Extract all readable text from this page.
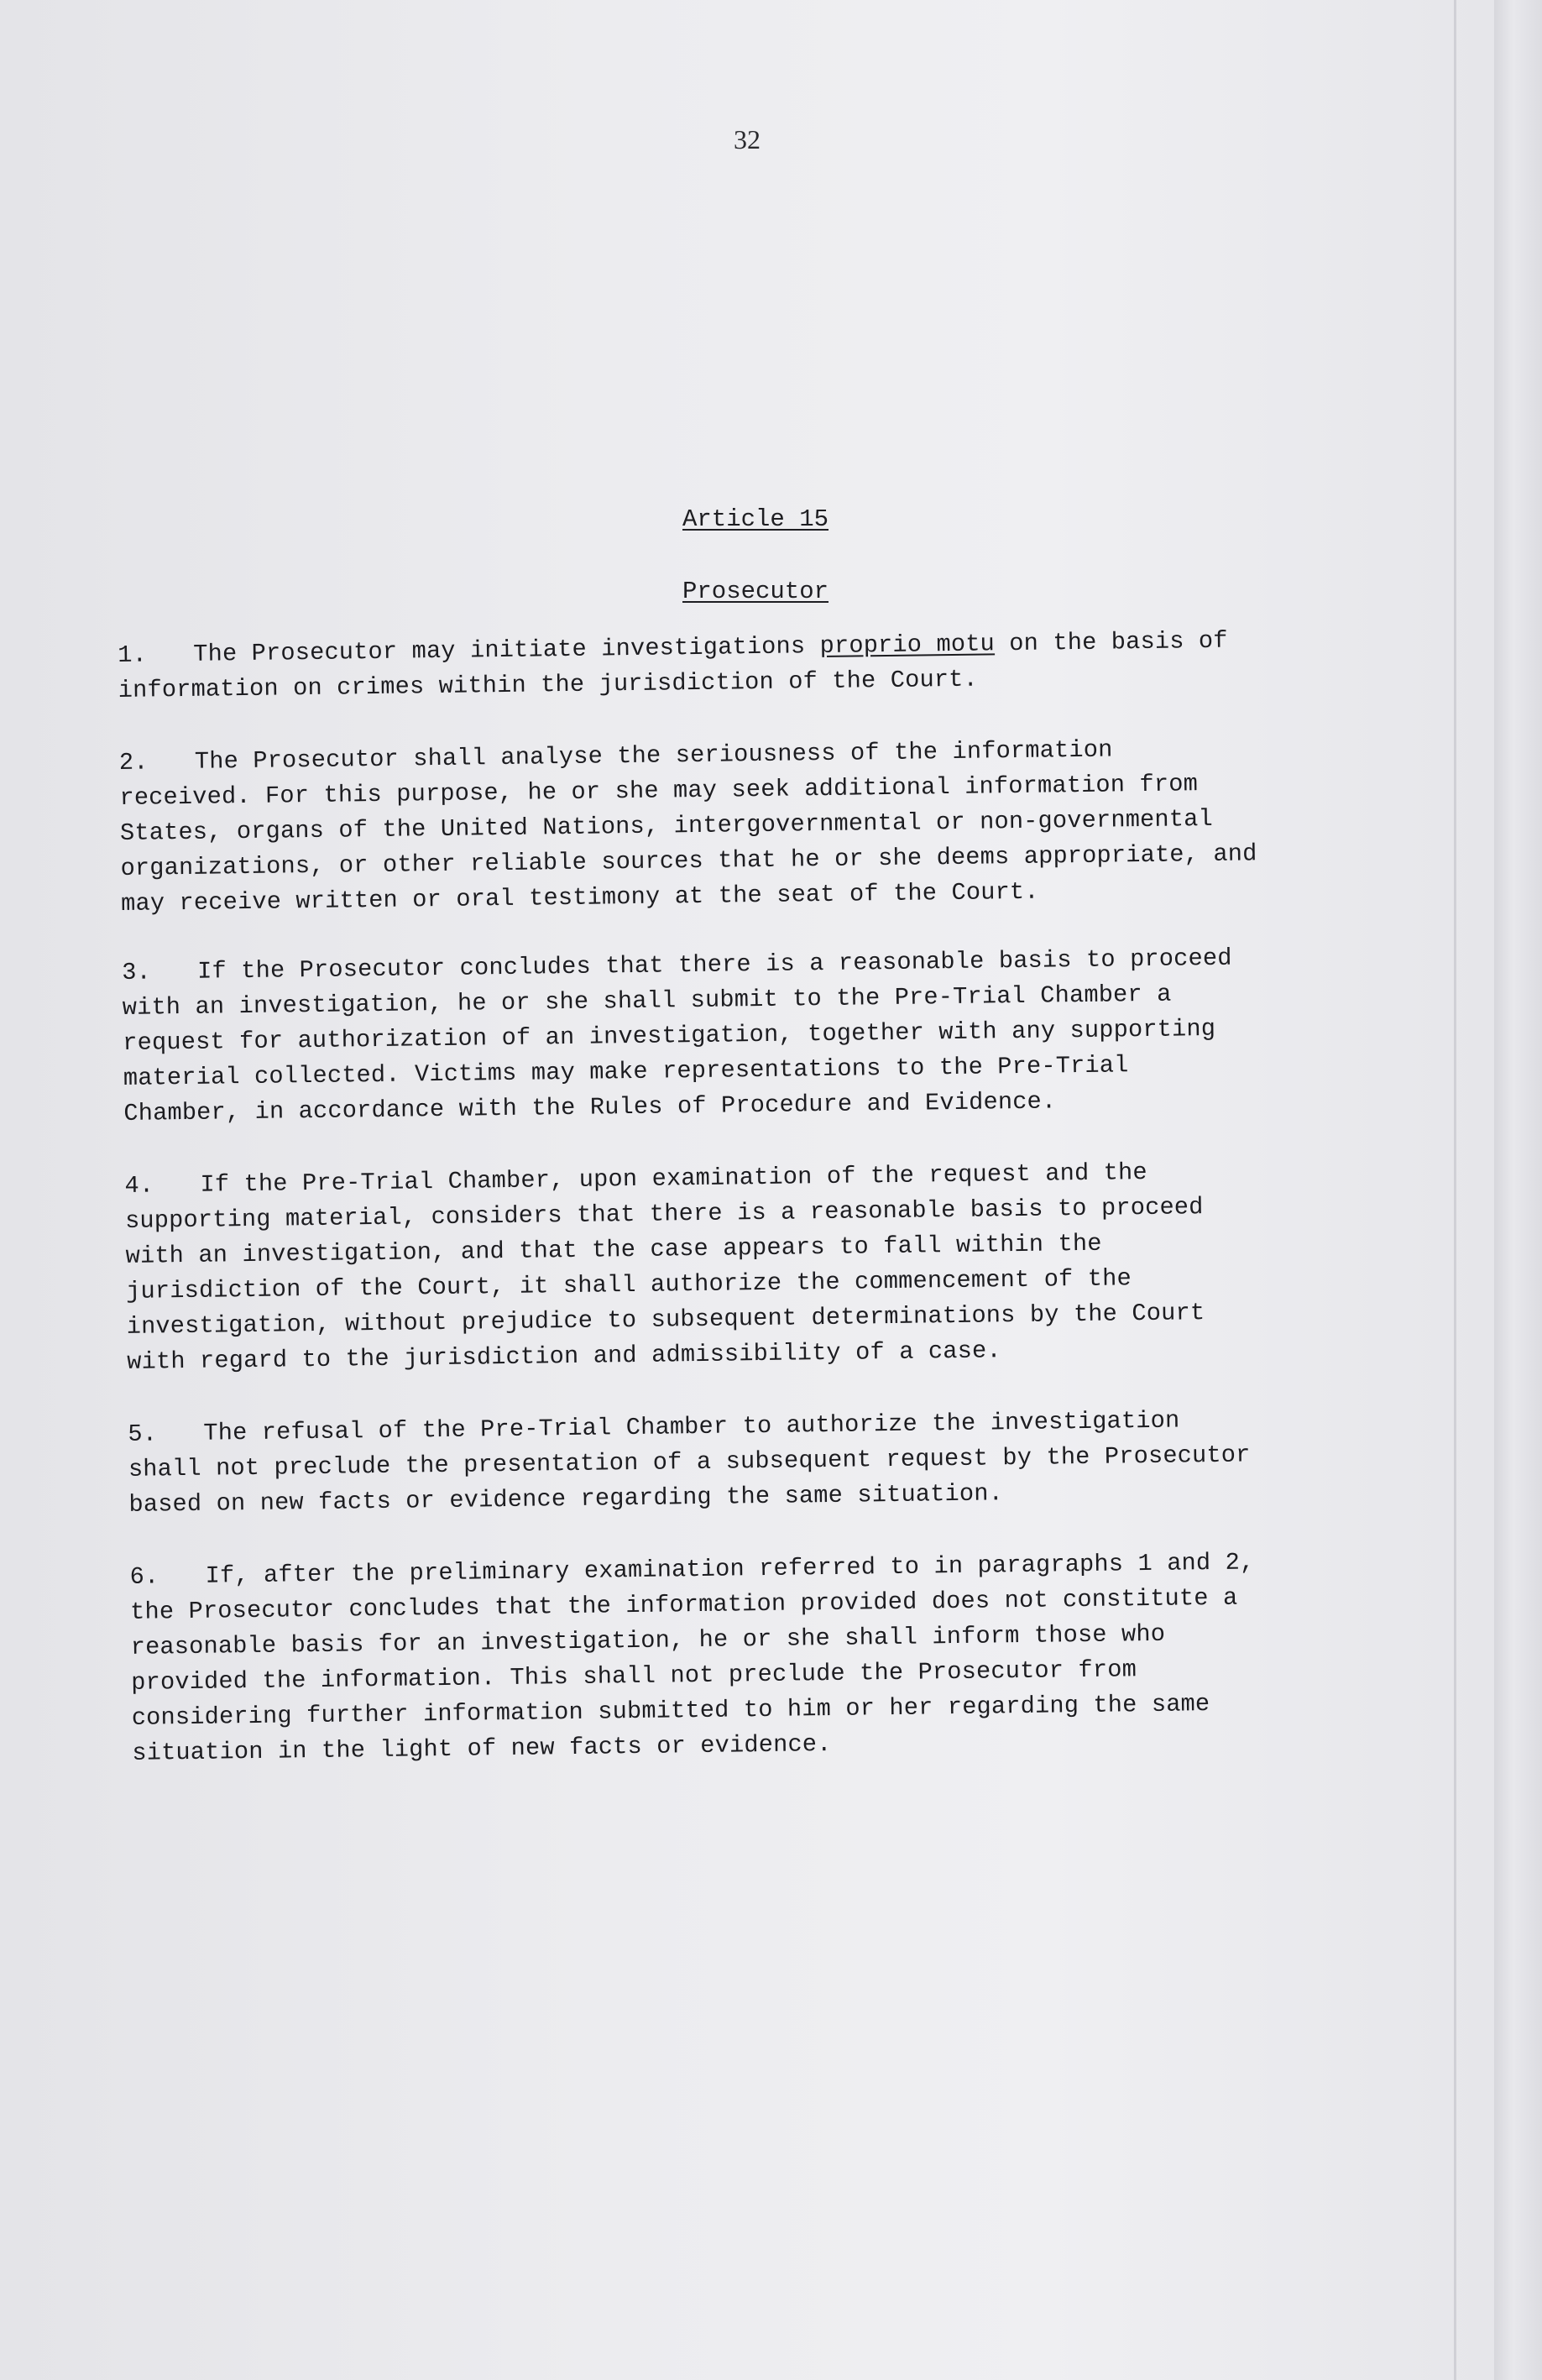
32
Article 15
Prosecutor

1. The Prosecutor may initiate investigations proprio motu on the basis of
information on crimes within the jurisdiction of the Court.

2. The Prosecutor shall analyse the seriousness of the information
received. For this purpose, he or she may seek additional information from
States, organs of the United Nations, intergovernmental or non-governmental
organizations, or other reliable sources that he or she deems appropriate, and
may receive written or oral testimony at the seat of the Court.

3. If the Prosecutor concludes that there is a reasonable basis to proceed
with an investigation, he or she shall submit to the Pre-Trial Chamber a
request for authorization of an investigation, together with any supporting
material collected. Victims may make representations to the Pre-Trial
Chamber, in accordance with the Rules of Procedure and Evidence.

4. If the Pre-Trial Chamber, upon examination of the request and the
supporting material, considers that there is a reasonable basis to proceed
with an investigation, and that the case appears to fall within the
jurisdiction of the Court, it shall authorize the commencement of the
investigation, without prejudice to subsequent determinations by the Court
with regard to the jurisdiction and admissibility of a case.

5. The refusal of the Pre-Trial Chamber to authorize the investigation
shall not preclude the presentation of a subsequent request by the Prosecutor
based on new facts or evidence regarding the same situation.

6. If, after the preliminary examination referred to in paragraphs 1 and 2,
the Prosecutor concludes that the information provided does not constitute a
reasonable basis for an investigation, he or she shall inform those who
provided the information. This shall not preclude the Prosecutor from
considering further information submitted to him or her regarding the same
situation in the light of new facts or evidence.
